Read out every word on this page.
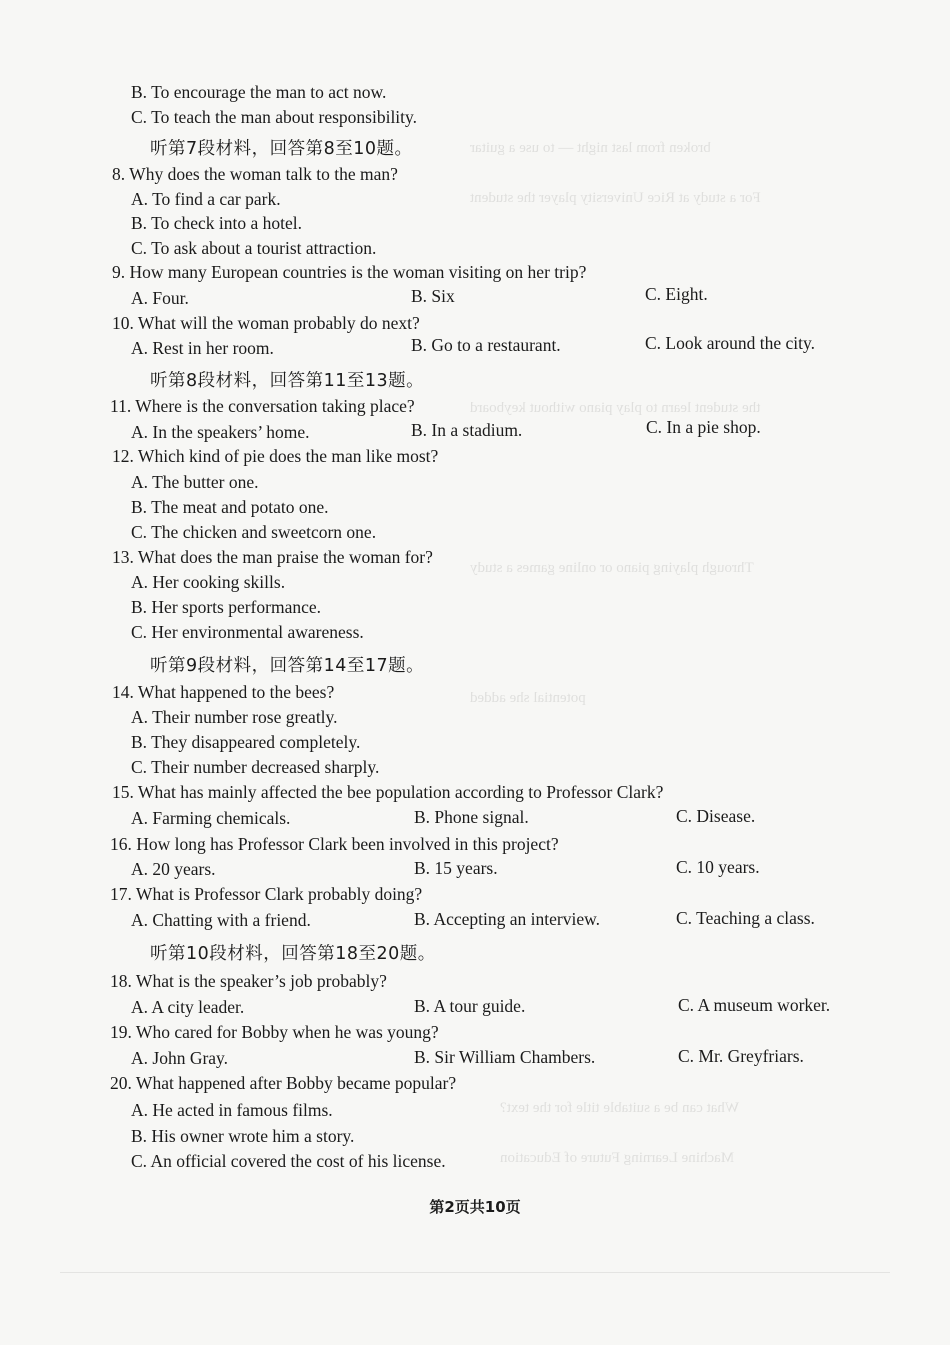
broken from last night — to use a guitar
For a study at Rice University player the student
the student learn to play piano without keyboard
Through playing piano or online games a study
potential she added
What can be a suitable title for the text?
Machine Learning Future of Education
B. To encourage the man to act now.
C. To teach the man about responsibility.
听第7段材料，回答第8至10题。
8. Why does the woman talk to the man?
A. To find a car park.
B. To check into a hotel.
C. To ask about a tourist attraction.
9. How many European countries is the woman visiting on her trip?
A. Four.	B. Six	C. Eight.
10. What will the woman probably do next?
A. Rest in her room.	B. Go to a restaurant.	C. Look around the city.
听第8段材料，回答第11至13题。
11. Where is the conversation taking place?
A. In the speakers’ home.	B. In a stadium.	C. In a pie shop.
12. Which kind of pie does the man like most?
A. The butter one.
B. The meat and potato one.
C. The chicken and sweetcorn one.
13. What does the man praise the woman for?
A. Her cooking skills.
B. Her sports performance.
C. Her environmental awareness.
听第9段材料，回答第14至17题。
14. What happened to the bees?
A. Their number rose greatly.
B. They disappeared completely.
C. Their number decreased sharply.
15. What has mainly affected the bee population according to Professor Clark?
A. Farming chemicals.	B. Phone signal.	C. Disease.
16. How long has Professor Clark been involved in this project?
A. 20 years.	B. 15 years.	C. 10 years.
17. What is Professor Clark probably doing?
A. Chatting with a friend.	B. Accepting an interview.	C. Teaching a class.
听第10段材料，回答第18至20题。
18. What is the speaker’s job probably?
A. A city leader.	B. A tour guide.	C. A museum worker.
19. Who cared for Bobby when he was young?
A. John Gray.	B. Sir William Chambers.	C. Mr. Greyfriars.
20. What happened after Bobby became popular?
A. He acted in famous films.
B. His owner wrote him a story.
C. An official covered the cost of his license.
第2页共10页
